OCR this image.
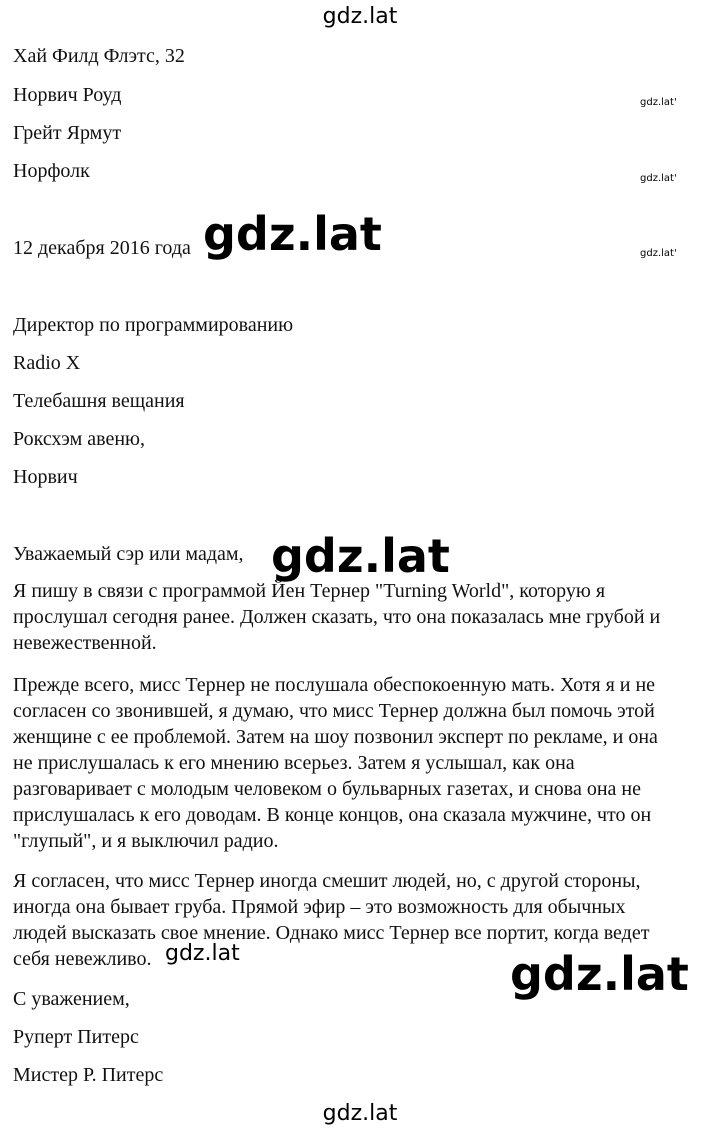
gdz.lat
gdz.lat'
gdz.lat'
gdz.lat'
Хай Филд Флэтс, 32
Норвич Роуд
Грейт Ярмут
Норфолк
12 декабря 2016 года gdz.lat
Директор по программированию
Radio X
Телебашня вещания
Роксхэм авеню,
Норвич
Уважаемый сэр или мадам, gdz.lat
Я пишу в связи с программой Йен Тернер "Turning World", которую я
прослушал сегодня ранее. Должен сказать, что она показалась мне грубой и
невежественной.
Прежде всего, мисс Тернер не послушала обеспокоенную мать. Хотя я и не
согласен со звонившей, я думаю, что мисс Тернер должна был помочь этой
женщине с ее проблемой. Затем на шоу позвонил эксперт по рекламе, и она
не прислушалась к его мнению всерьез. Затем я услышал, как она
разговаривает с молодым человеком о бульварных газетах, и снова она не
прислушалась к его доводам. В конце концов, она сказала мужчине, что он
"глупый", и я выключил радио.
Я согласен, что мисс Тернер иногда смешит людей, но, с другой стороны,
иногда она бывает груба. Прямой эфир – это возможность для обычных
людей высказать свое мнение. Однако мисс Тернер все портит, когда ведет
себя невежливо. gdz.lat	gdz.lat
С уважением,
Руперт Питерс
Мистер Р. Питерс
gdz.lat
